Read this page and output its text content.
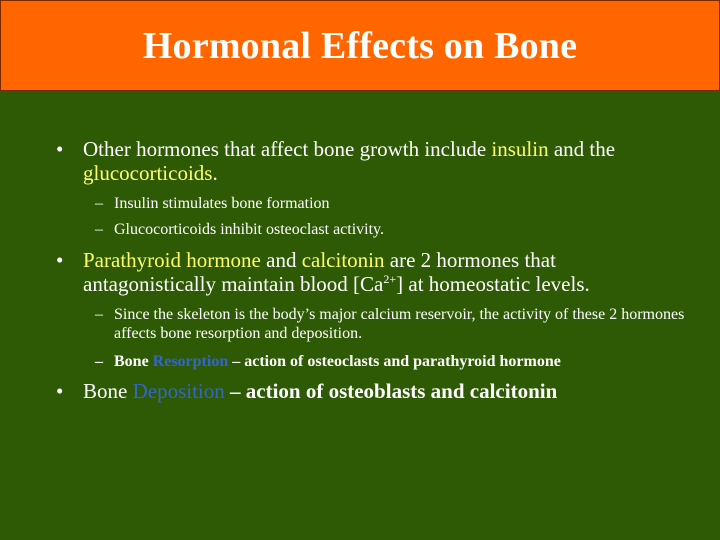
Hormonal Effects on Bone
• Other hormones that affect bone growth include insulin and the glucocorticoids.
– Insulin stimulates bone formation
– Glucocorticoids inhibit osteoclast activity.
• Parathyroid hormone and calcitonin are 2 hormones that antagonistically maintain blood $[Ca^{2+}]$ at homeostatic levels.
– Since the skeleton is the body’s major calcium reservoir, the activity of these 2 hormones affects bone resorption and deposition.
– Bone Resorption – action of osteoclasts and parathyroid hormone
• Bone Deposition – action of osteoblasts and calcitonin
